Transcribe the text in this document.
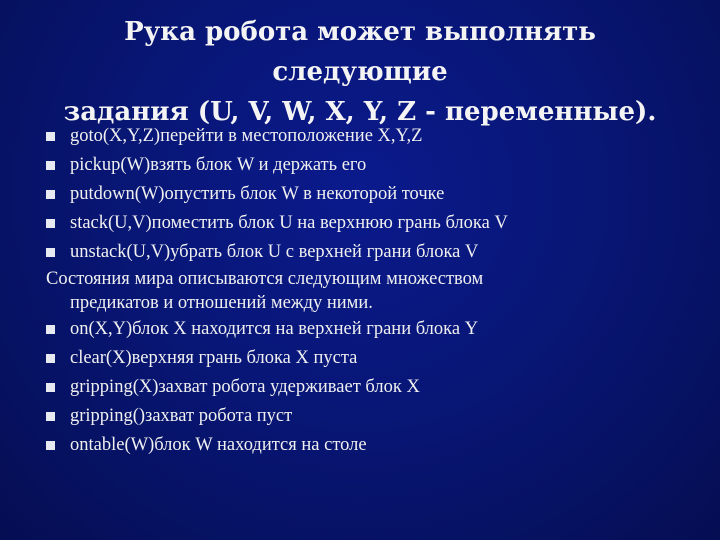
Рука робота может выполнять следующие
задания (U, V, W, X, Y, Z - переменные).
goto(X,Y,Z)перейти в местоположение X,Y,Z
pickup(W)взять блок W и держать его
putdown(W)опустить блок W в некоторой точке
stack(U,V)поместить блок U на верхнюю грань блока V
unstack(U,V)убрать блок U с верхней грани блока V
Состояния мира описываются следующим множеством
предикатов и отношений между ними.
on(X,Y)блок X находится на верхней грани блока Y
clear(X)верхняя грань блока X пуста
gripping(X)захват робота удерживает блок X
gripping()захват робота пуст
ontable(W)блок W находится на столе
